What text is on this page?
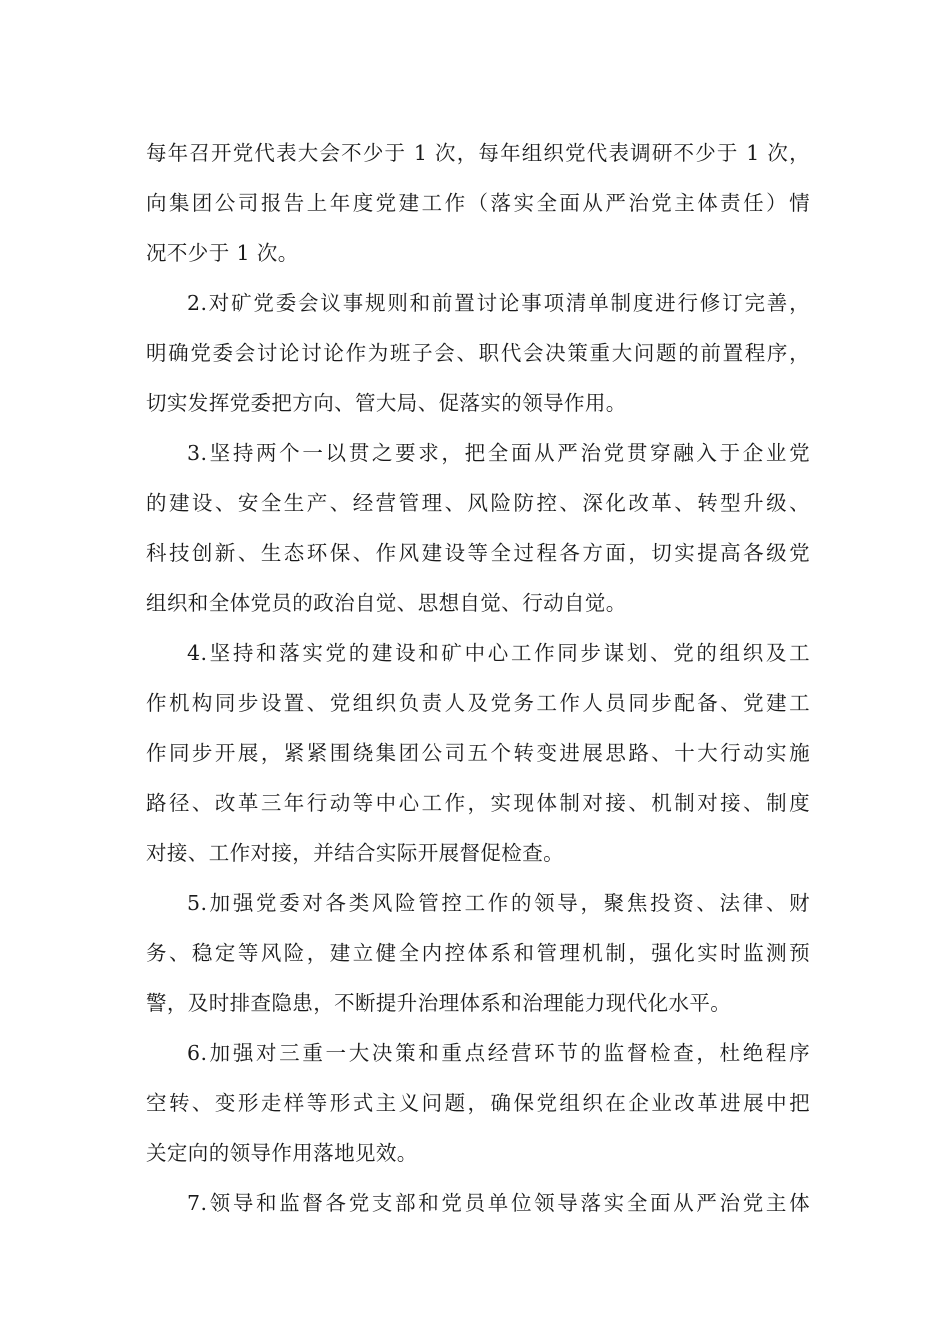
每年召开党代表大会不少于 1 次，每年组织党代表调研不少于 1 次，
向集团公司报告上年度党建工作（落实全面从严治党主体责任）情
况不少于 1 次。
2.对矿党委会议事规则和前置讨论事项清单制度进行修订完善，
明确党委会讨论讨论作为班子会、职代会决策重大问题的前置程序，
切实发挥党委把方向、管大局、促落实的领导作用。
3.坚持两个一以贯之要求，把全面从严治党贯穿融入于企业党
的建设、安全生产、经营管理、风险防控、深化改革、转型升级、
科技创新、生态环保、作风建设等全过程各方面，切实提高各级党
组织和全体党员的政治自觉、思想自觉、行动自觉。
4.坚持和落实党的建设和矿中心工作同步谋划、党的组织及工
作机构同步设置、党组织负责人及党务工作人员同步配备、党建工
作同步开展，紧紧围绕集团公司五个转变进展思路、十大行动实施
路径、改革三年行动等中心工作，实现体制对接、机制对接、制度
对接、工作对接，并结合实际开展督促检查。
5.加强党委对各类风险管控工作的领导，聚焦投资、法律、财
务、稳定等风险，建立健全内控体系和管理机制，强化实时监测预
警，及时排查隐患，不断提升治理体系和治理能力现代化水平。
6.加强对三重一大决策和重点经营环节的监督检查，杜绝程序
空转、变形走样等形式主义问题，确保党组织在企业改革进展中把
关定向的领导作用落地见效。
7.领导和监督各党支部和党员单位领导落实全面从严治党主体
